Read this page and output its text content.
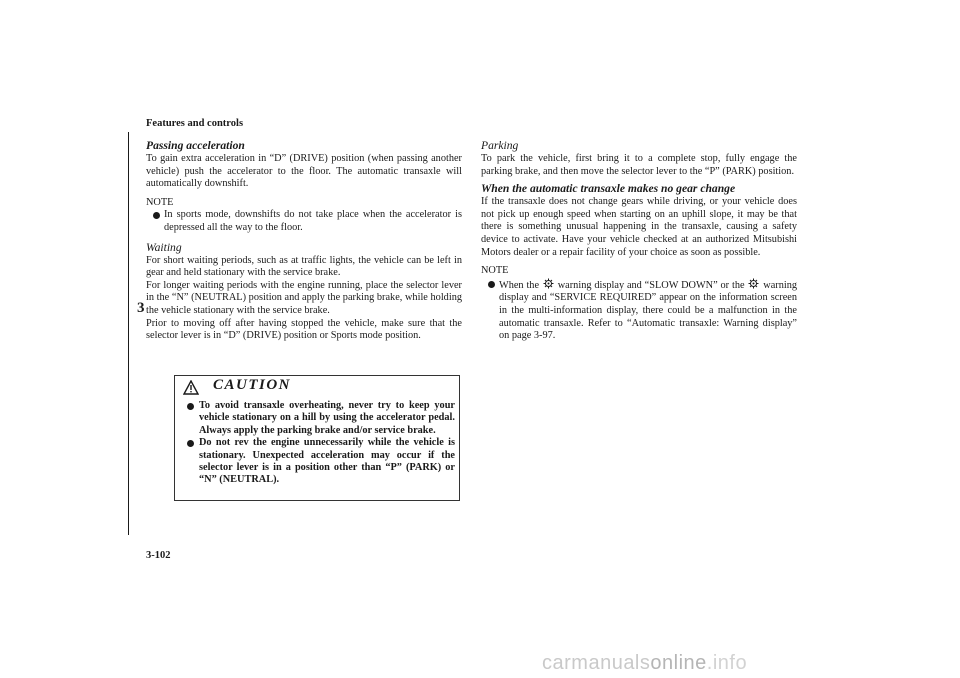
Features and controls
3
3-102
Passing acceleration

To gain extra acceleration in “D” (DRIVE) position (when passing another vehicle) push the accelerator to the floor. The automatic transaxle will automatically downshift.

NOTE
In sports mode, downshifts do not take place when the accelerator is depressed all the way to the floor.
Waiting

For short waiting periods, such as at traffic lights, the vehicle can be left in gear and held stationary with the service brake.

For longer waiting periods with the engine running, place the selector lever in the “N” (NEUTRAL) position and apply the parking brake, while holding the vehicle stationary with the service brake.

Prior to moving off after having stopped the vehicle, make sure that the selector lever is in “D” (DRIVE) position or Sports mode position.

CAUTION
To avoid transaxle overheating, never try to keep your vehicle stationary on a hill by using the accelerator pedal. Always apply the parking brake and/or service brake.
Do not rev the engine unnecessarily while the vehicle is stationary. Unexpected acceleration may occur if the selector lever is in a position other than “P” (PARK) or “N” (NEUTRAL).
Parking

To park the vehicle, first bring it to a complete stop, fully engage the parking brake, and then move the selector lever to the “P” (PARK) position.

When the automatic transaxle makes no gear change

If the transaxle does not change gears while driving, or your vehicle does not pick up enough speed when starting on an uphill slope, it may be that there is something unusual happening in the transaxle, causing a safety device to activate. Have your vehicle checked at an authorized Mitsubishi Motors dealer or a repair facility of your choice as soon as possible.

NOTE
When the warning display and “SLOW DOWN” or the warning display and “SERVICE REQUIRED” appear on the information screen in the multi-information display, there could be a malfunction in the automatic transaxle. Refer to “Automatic transaxle: Warning display” on page 3-97.
carmanualsonline.info
